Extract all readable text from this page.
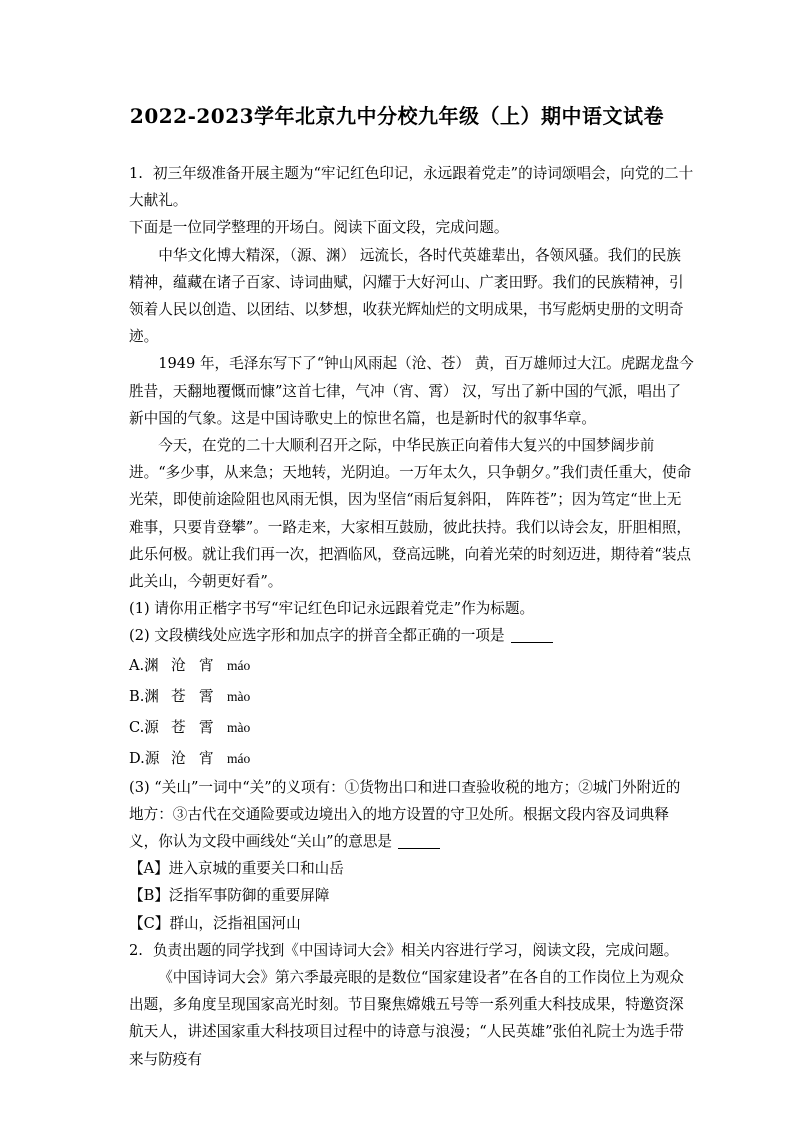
2022-2023学年北京九中分校九年级（上）期中语文试卷

1. 初三年级准备开展主题为“牢记红色印记，永远跟着党走”的诗词颂唱会，向党的二十大献礼。

下面是一位同学整理的开场白。阅读下面文段，完成问题。

中华文化博大精深，（源、渊） 远流长，各时代英雄辈出，各领风骚。我们的民族精神，蕴藏在诸子百家、诗词曲赋，闪耀于大好河山、广袤田野。我们的民族精神，引领着人民以创造、以团结、以梦想，收获光辉灿烂的文明成果，书写彪炳史册的文明奇迹。

1949 年，毛泽东写下了“钟山风雨起（沧、苍） 黄，百万雄师过大江。虎踞龙盘今胜昔，天翻地覆慨而慷”这首七律，气冲（宵、霄） 汉，写出了新中国的气派，唱出了新中国的气象。这是中国诗歌史上的惊世名篇，也是新时代的叙事华章。

今天，在党的二十大顺利召开之际，中华民族正向着伟大复兴的中国梦阔步前进。“多少事，从来急；天地转，光阴迫。一万年太久，只争朝夕。”我们责任重大，使命光荣，即使前途险阻也风雨无惧，因为坚信“雨后复斜阳， 阵阵苍”；因为笃定“世上无难事，只要肯登攀”。一路走来，大家相互鼓励，彼此扶持。我们以诗会友，肝胆相照，此乐何极。就让我们再一次，把酒临风，登高远眺，向着光荣的时刻迈进，期待着“装点此关山，今朝更好看”。

(1) 请你用正楷字书写“牢记红色印记永远跟着党走”作为标题。

(2) 文段横线处应选字形和加点字的拼音全都正确的一项是

A.渊 沧 宵 máo

B.渊 苍 霄 mào

C.源 苍 霄 mào

D.源 沧 宵 máo

(3) “关山”一词中“关”的义项有：①货物出口和进口查验收税的地方；②城门外附近的地方：③古代在交通险要或边境出入的地方设置的守卫处所。根据文段内容及词典释义，你认为文段中画线处“关山”的意思是

【A】进入京城的重要关口和山岳

【B】泛指军事防御的重要屏障

【C】群山，泛指祖国河山

2. 负责出题的同学找到《中国诗词大会》相关内容进行学习，阅读文段，完成问题。

《中国诗词大会》第六季最亮眼的是数位“国家建设者”在各自的工作岗位上为观众出题，多角度呈现国家高光时刻。节目聚焦嫦娥五号等一系列重大科技成果，特邀资深航天人，讲述国家重大科技项目过程中的诗意与浪漫；“人民英雄”张伯礼院士为选手带来与防疫有
